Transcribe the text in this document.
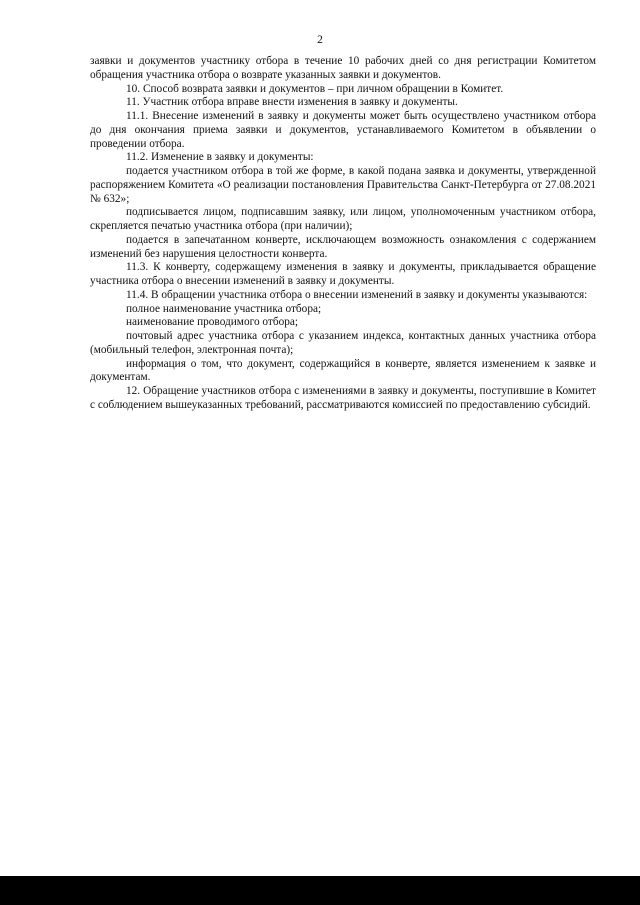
2

заявки и документов участнику отбора в течение 10 рабочих дней со дня регистрации Комитетом обращения участника отбора о возврате указанных заявки и документов.

10. Способ возврата заявки и документов – при личном обращении в Комитет.

11. Участник отбора вправе внести изменения в заявку и документы.

11.1. Внесение изменений в заявку и документы может быть осуществлено участником отбора до дня окончания приема заявки и документов, устанавливаемого Комитетом в объявлении о проведении отбора.

11.2. Изменение в заявку и документы:

подается участником отбора в той же форме, в какой подана заявка и документы, утвержденной распоряжением Комитета «О реализации постановления Правительства Санкт-Петербурга от 27.08.2021 № 632»;

подписывается лицом, подписавшим заявку, или лицом, уполномоченным участником отбора, скрепляется печатью участника отбора (при наличии);

подается в запечатанном конверте, исключающем возможность ознакомления с содержанием изменений без нарушения целостности конверта.

11.3. К конверту, содержащему изменения в заявку и документы, прикладывается обращение участника отбора о внесении изменений в заявку и документы.

11.4. В обращении участника отбора о внесении изменений в заявку и документы указываются:

полное наименование участника отбора;

наименование проводимого отбора;

почтовый адрес участника отбора с указанием индекса, контактных данных участника отбора (мобильный телефон, электронная почта);

информация о том, что документ, содержащийся в конверте, является изменением к заявке и документам.

12. Обращение участников отбора с изменениями в заявку и документы, поступившие в Комитет с соблюдением вышеуказанных требований, рассматриваются комиссией по предоставлению субсидий.
